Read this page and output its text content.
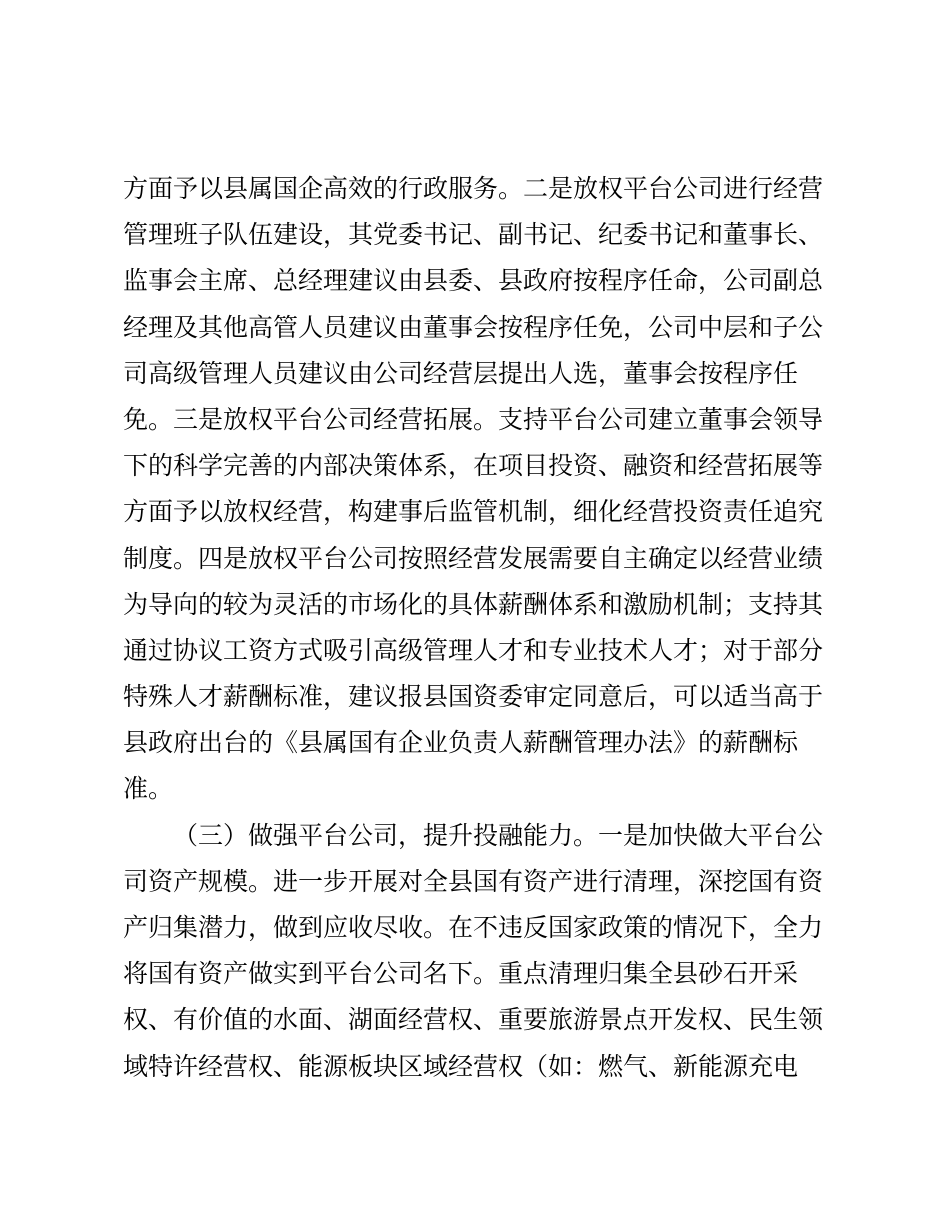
方面予以县属国企高效的行政服务。二是放权平台公司进行经营
管理班子队伍建设，其党委书记、副书记、纪委书记和董事长、
监事会主席、总经理建议由县委、县政府按程序任命，公司副总
经理及其他高管人员建议由董事会按程序任免，公司中层和子公
司高级管理人员建议由公司经营层提出人选，董事会按程序任
免。三是放权平台公司经营拓展。支持平台公司建立董事会领导
下的科学完善的内部决策体系，在项目投资、融资和经营拓展等
方面予以放权经营，构建事后监管机制，细化经营投资责任追究
制度。四是放权平台公司按照经营发展需要自主确定以经营业绩
为导向的较为灵活的市场化的具体薪酬体系和激励机制；支持其
通过协议工资方式吸引高级管理人才和专业技术人才；对于部分
特殊人才薪酬标准，建议报县国资委审定同意后，可以适当高于
县政府出台的《县属国有企业负责人薪酬管理办法》的薪酬标
准。
（三）做强平台公司，提升投融能力。一是加快做大平台公
司资产规模。进一步开展对全县国有资产进行清理，深挖国有资
产归集潜力，做到应收尽收。在不违反国家政策的情况下，全力
将国有资产做实到平台公司名下。重点清理归集全县砂石开采
权、有价值的水面、湖面经营权、重要旅游景点开发权、民生领
域特许经营权、能源板块区域经营权（如：燃气、新能源充电
